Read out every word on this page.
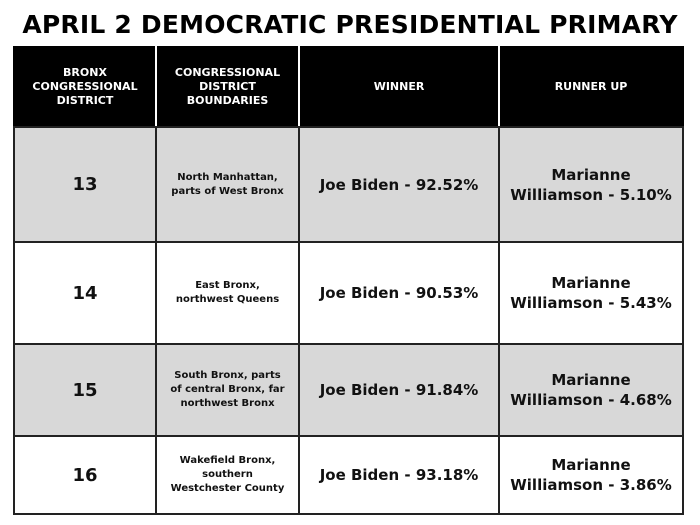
APRIL 2 DEMOCRATIC PRESIDENTIAL PRIMARY
BRONX
CONGRESSIONAL
DISTRICT	CONGRESSIONAL
DISTRICT
BOUNDARIES	WINNER	RUNNER UP
13	North Manhattan,
parts of West Bronx	Joe Biden - 92.52%	Marianne
Williamson - 5.10%

14	East Bronx,
northwest Queens	Joe Biden - 90.53%	Marianne
Williamson - 5.43%

15	South Bronx, parts
of central Bronx, far
northwest Bronx	Joe Biden - 91.84%	Marianne
Williamson - 4.68%

16	Wakefield Bronx,
southern
Westchester County	Joe Biden - 93.18%	Marianne
Williamson - 3.86%
